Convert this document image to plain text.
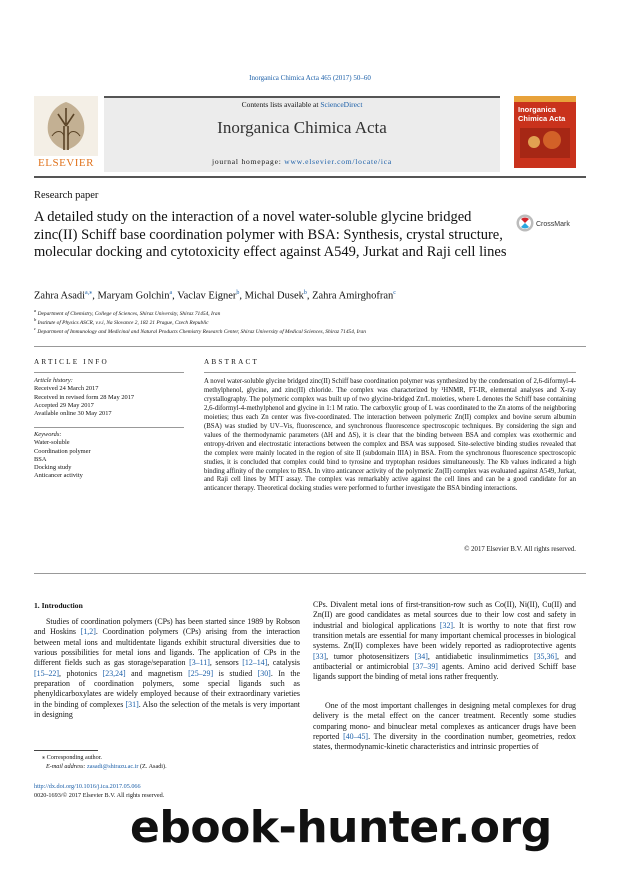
Inorganica Chimica Acta 465 (2017) 50–60
ELSEVIER
Contents lists available at ScienceDirect
Inorganica Chimica Acta
journal homepage: www.elsevier.com/locate/ica
Inorganica
Chimica Acta
Research paper
A detailed study on the interaction of a novel water-soluble glycine bridged zinc(II) Schiff base coordination polymer with BSA: Synthesis, crystal structure, molecular docking and cytotoxicity effect against A549, Jurkat and Raji cell lines
CrossMark
Zahra Asadi$^{a,⁎}$, Maryam Golchin$^a$, Vaclav Eigner$^b$, Michal Dusek$^b$, Zahra Amirghofran$^c$
$^a$ Department of Chemistry, College of Sciences, Shiraz University, Shiraz 71454, Iran
$^b$ Institute of Physics ASCR, v.v.i, Na Slovance 2, 182 21 Prague, Czech Republic
$^c$ Department of Immunology and Medicinal and Natural Products Chemistry Research Center, Shiraz University of Medical Sciences, Shiraz 71454, Iran
ARTICLE INFO
Article history:
Received 24 March 2017
Received in revised form 28 May 2017
Accepted 29 May 2017
Available online 30 May 2017
Keywords:
Water-soluble
Coordination polymer
BSA
Docking study
Anticancer activity
ABSTRACT
A novel water-soluble glycine bridged zinc(II) Schiff base coordination polymer was synthesized by the condensation of 2,6-diformyl-4-methylphenol, glycine, and zinc(II) chloride. The complex was characterized by ¹HNMR, FT-IR, elemental analyses and X-ray crystallography. The polymeric complex was built up of two glycine-bridged Zn/L moieties, where L denotes the Schiff base containing 2,6-diformyl-4-methylphenol and glycine in 1:1 M ratio. The carboxylic group of L was coordinated to the Zn atoms of the neighboring moieties; thus each Zn center was five-coordinated. The interaction between polymeric Zn(II) complex and bovine serum albumin (BSA) was studied by UV–Vis, fluorescence, and synchronous fluorescence spectroscopic techniques. By considering the sign and values of the thermodynamic parameters (ΔH and ΔS), it is clear that the binding between BSA and complex was exothermic and entropy-driven and electrostatic interactions between the complex and BSA was supposed. Site-selective binding studies revealed that the complex were mainly located in the region of site II (subdomain IIIA) in BSA. From the synchronous fluorescence spectroscopic studies, it is concluded that complex could bind to tyrosine and tryptophan residues simultaneously. The Kb values indicated a high binding affinity of the complex to BSA. In vitro anticancer activity of the polymeric Zn(II) complex was evaluated against A549, Jurkat, and Raji cell lines by MTT assay. The complex was remarkably active against the cell lines and can be a good candidate for an anticancer therapy. Theoretical docking studies were performed to further investigate the BSA binding interactions.
© 2017 Elsevier B.V. All rights reserved.
1. Introduction
Studies of coordination polymers (CPs) has been started since 1989 by Robson and Hoskins [1,2]. Coordination polymers (CPs) arising from the interaction between metal ions and multidentate ligands exhibit structural diversities due to various possibilities for metal ions and ligands. The application of CPs in the different fields such as gas storage/separation [3–11], sensors [12–14], catalysis [15–22], photonics [23,24] and magnetism [25–29] is studied [30]. In the preparation of coordination polymers, some special ligands such as phenyldicarboxylates are widely employed because of their extraordinary varieties in the binding of complexes [31]. Also the selection of the metals is very important in designing
CPs. Divalent metal ions of first-transition-row such as Co(II), Ni(II), Cu(II) and Zn(II) are good candidates as metal sources due to their low cost and safety in industrial and biological applications [32]. It is worthy to note that first row transition metals are essential for many important chemical processes in biological systems. Zn(II) complexes have been widely reported as radioprotective agents [33], tumor photosensitizers [34], antidiabetic insulinmimetics [35,36], and antibacterial or antimicrobial [37–39] agents. Amino acid derived Schiff base ligands support the binding of metal ions rather frequently.
One of the most important challenges in designing metal complexes for drug delivery is the metal effect on the cancer treatment. Recently some studies comparing mono- and binuclear metal complexes as anticancer drugs have been reported [40–45]. The diversity in the coordination number, geometries, redox states, thermodynamic-kinetic characteristics and intrinsic properties of
⁎ Corresponding author.
E-mail address: zasadi@shirazu.ac.ir (Z. Asadi).
http://dx.doi.org/10.1016/j.ica.2017.05.066
0020-1693/© 2017 Elsevier B.V. All rights reserved.
ebook-hunter.org
